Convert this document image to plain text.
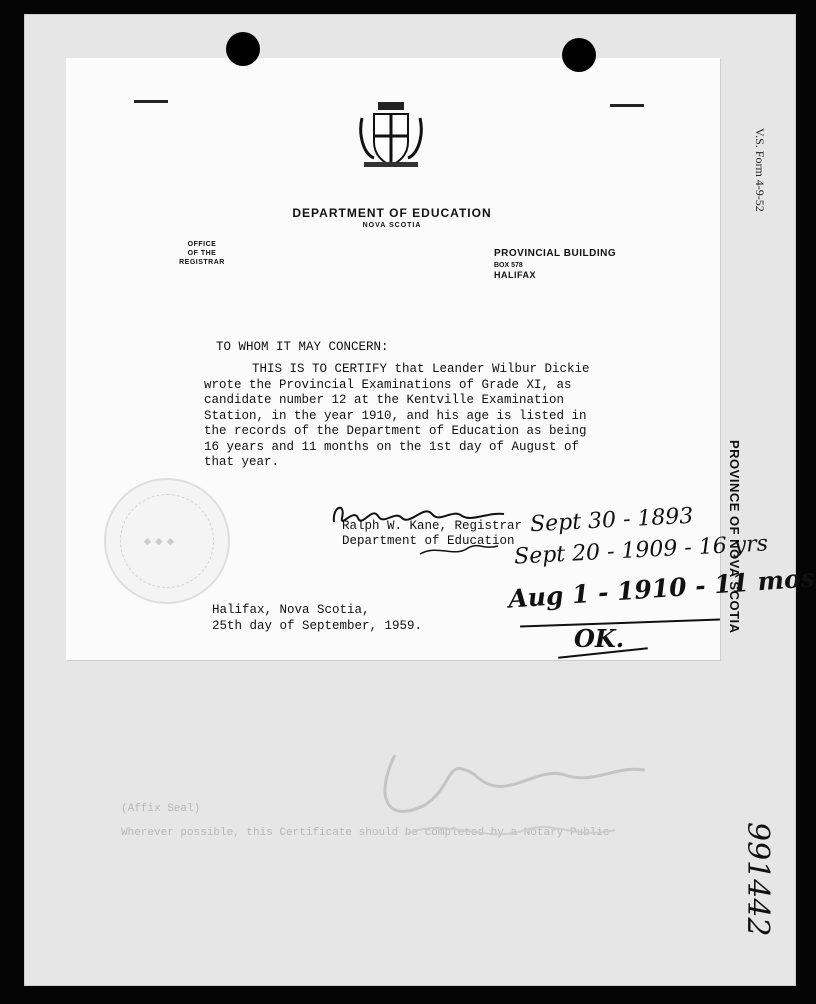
(Affix Seal)
Wherever possible, this Certificate should be completed by a Notary Public
V.S. Form 4-9-52
PROVINCE OF NOVA SCOTIA
991442
DEPARTMENT OF EDUCATION
NOVA SCOTIA
OFFICE
OF THE
REGISTRAR
PROVINCIAL BUILDING
BOX 578
HALIFAX
TO WHOM IT MAY CONCERN:
THIS IS TO CERTIFY that Leander Wilbur Dickie
wrote the Provincial Examinations of Grade XI, as
candidate number 12 at the Kentville Examination
Station, in the year 1910, and his age is listed in
the records of the Department of Education as being
16 years and 11 months on the 1st day of August of
that year.
Ralph W. Kane, Registrar
Department of Education
Halifax, Nova Scotia,
25th day of September, 1959.
◆ ◆ ◆
Sept 30 - 1893
Sept 20 - 1909 - 16 yrs
Aug 1 - 1910 - 11 mos
OK.
